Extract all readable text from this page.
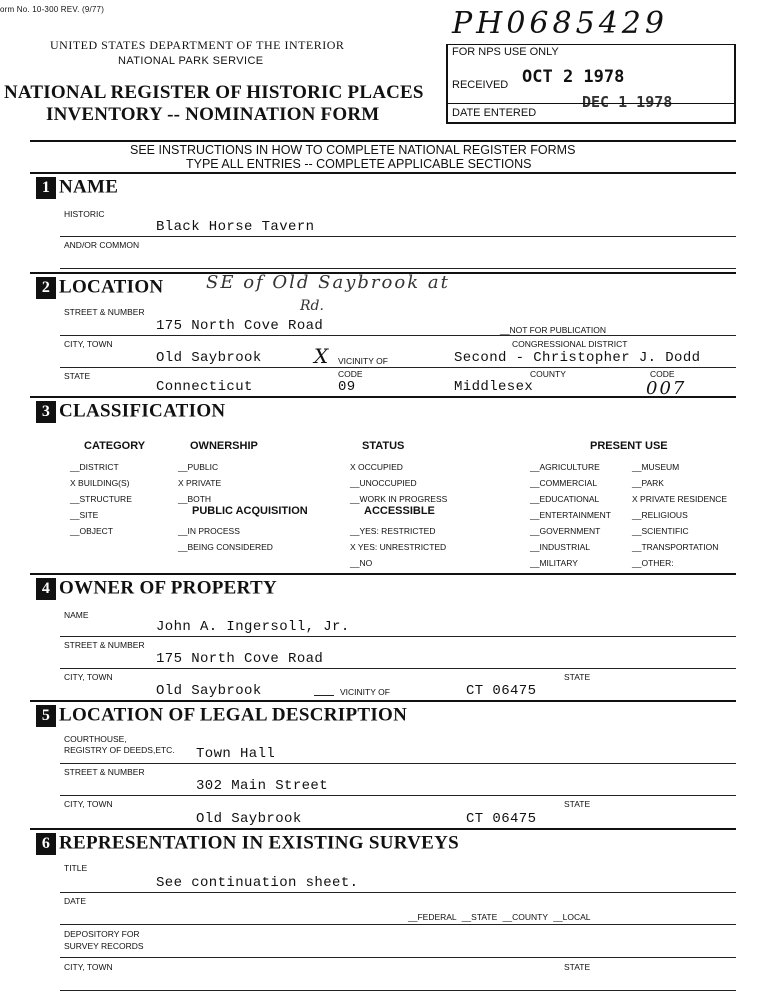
orm No. 10-300 REV. (9/77)
UNITED STATES DEPARTMENT OF THE INTERIOR
NATIONAL PARK SERVICE
NATIONAL REGISTER OF HISTORIC PLACES
INVENTORY -- NOMINATION FORM
PH0685429
FOR NPS USE ONLY
RECEIVED OCT 2 1978
DATE ENTERED
DEC 1 1978
SEE INSTRUCTIONS IN HOW TO COMPLETE NATIONAL REGISTER FORMS
TYPE ALL ENTRIES -- COMPLETE APPLICABLE SECTIONS
1 NAME
HISTORIC
Black Horse Tavern
AND/OR COMMON
2 LOCATION SE of Old Saybrook at
Rd.
STREET & NUMBER
175 North Cove Road	__NOT FOR PUBLICATION
CITY, TOWN	CONGRESSIONAL DISTRICT
Old Saybrook	X VICINITY OF	Second - Christopher J. Dodd
STATE	CODE	COUNTY	CODE
Connecticut	09	Middlesex	007
3 CLASSIFICATION
CATEGORY
__DISTRICT
X BUILDING(S)
__STRUCTURE
__SITE
__OBJECT
OWNERSHIP
__PUBLIC
X PRIVATE
__BOTH
PUBLIC ACQUISITION
__IN PROCESS
__BEING CONSIDERED
STATUS
X OCCUPIED
__UNOCCUPIED
__WORK IN PROGRESS
ACCESSIBLE
__YES: RESTRICTED
X YES: UNRESTRICTED
__NO
PRESENT USE
__AGRICULTURE
__COMMERCIAL
__EDUCATIONAL
__ENTERTAINMENT
__GOVERNMENT
__INDUSTRIAL
__MILITARY
__MUSEUM
__PARK
X PRIVATE RESIDENCE
__RELIGIOUS
__SCIENTIFIC
__TRANSPORTATION
__OTHER:
4 OWNER OF PROPERTY
NAME
John A. Ingersoll, Jr.
STREET & NUMBER
175 North Cove Road
CITY, TOWN	STATE
Old Saybrook	VICINITY OF	CT 06475
5 LOCATION OF LEGAL DESCRIPTION
COURTHOUSE,
REGISTRY OF DEEDS,ETC. Town Hall
STREET & NUMBER
302 Main Street
CITY, TOWN	STATE
Old Saybrook	CT 06475
6 REPRESENTATION IN EXISTING SURVEYS
TITLE
See continuation sheet.
DATE
__FEDERAL __STATE __COUNTY __LOCAL
DEPOSITORY FOR
SURVEY RECORDS
CITY, TOWN	STATE
